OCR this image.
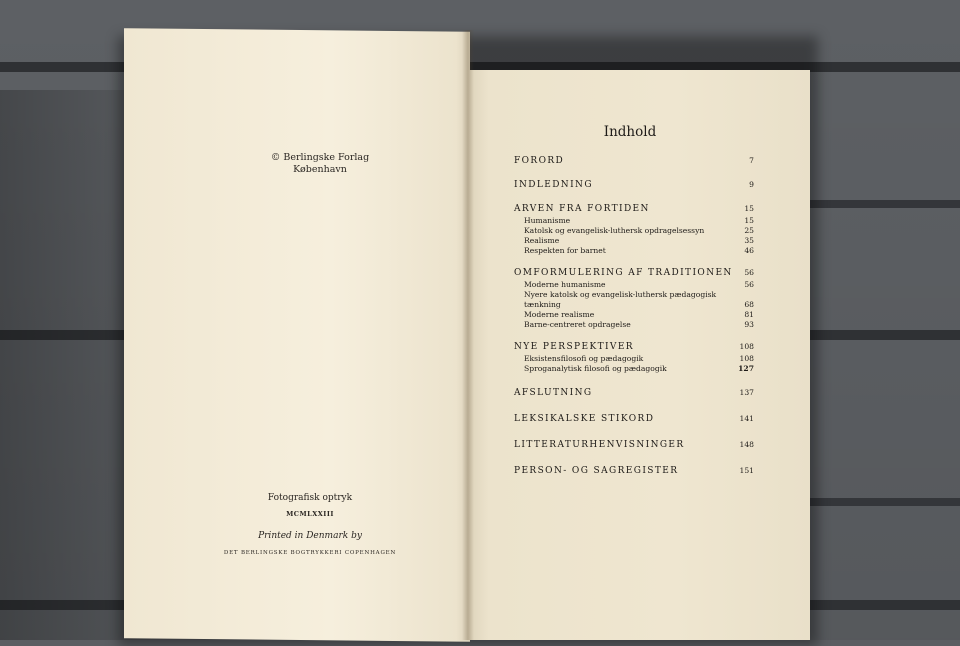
© Berlingske Forlag
København
Fotografisk optryk
MCMLXXIII
Printed in Denmark by
DET BERLINGSKE BOGTRYKKERI COPENHAGEN
Indhold
FORORD	7
INDLEDNING	9
ARVEN FRA FORTIDEN	15
Humanisme	15
Katolsk og evangelisk-luthersk opdragelsessyn	25
Realisme	35
Respekten for barnet	46
OMFORMULERING AF TRADITIONEN	56
Moderne humanisme	56
Nyere katolsk og evangelisk-luthersk pædagogisk
tænkning	68
Moderne realisme	81
Barne-centreret opdragelse	93
NYE PERSPEKTIVER	108
Eksistensfilosofi og pædagogik	108
Sproganalytisk filosofi og pædagogik	127
AFSLUTNING	137
LEKSIKALSKE STIKORD	141
LITTERATURHENVISNINGER	148
PERSON- OG SAGREGISTER	151
